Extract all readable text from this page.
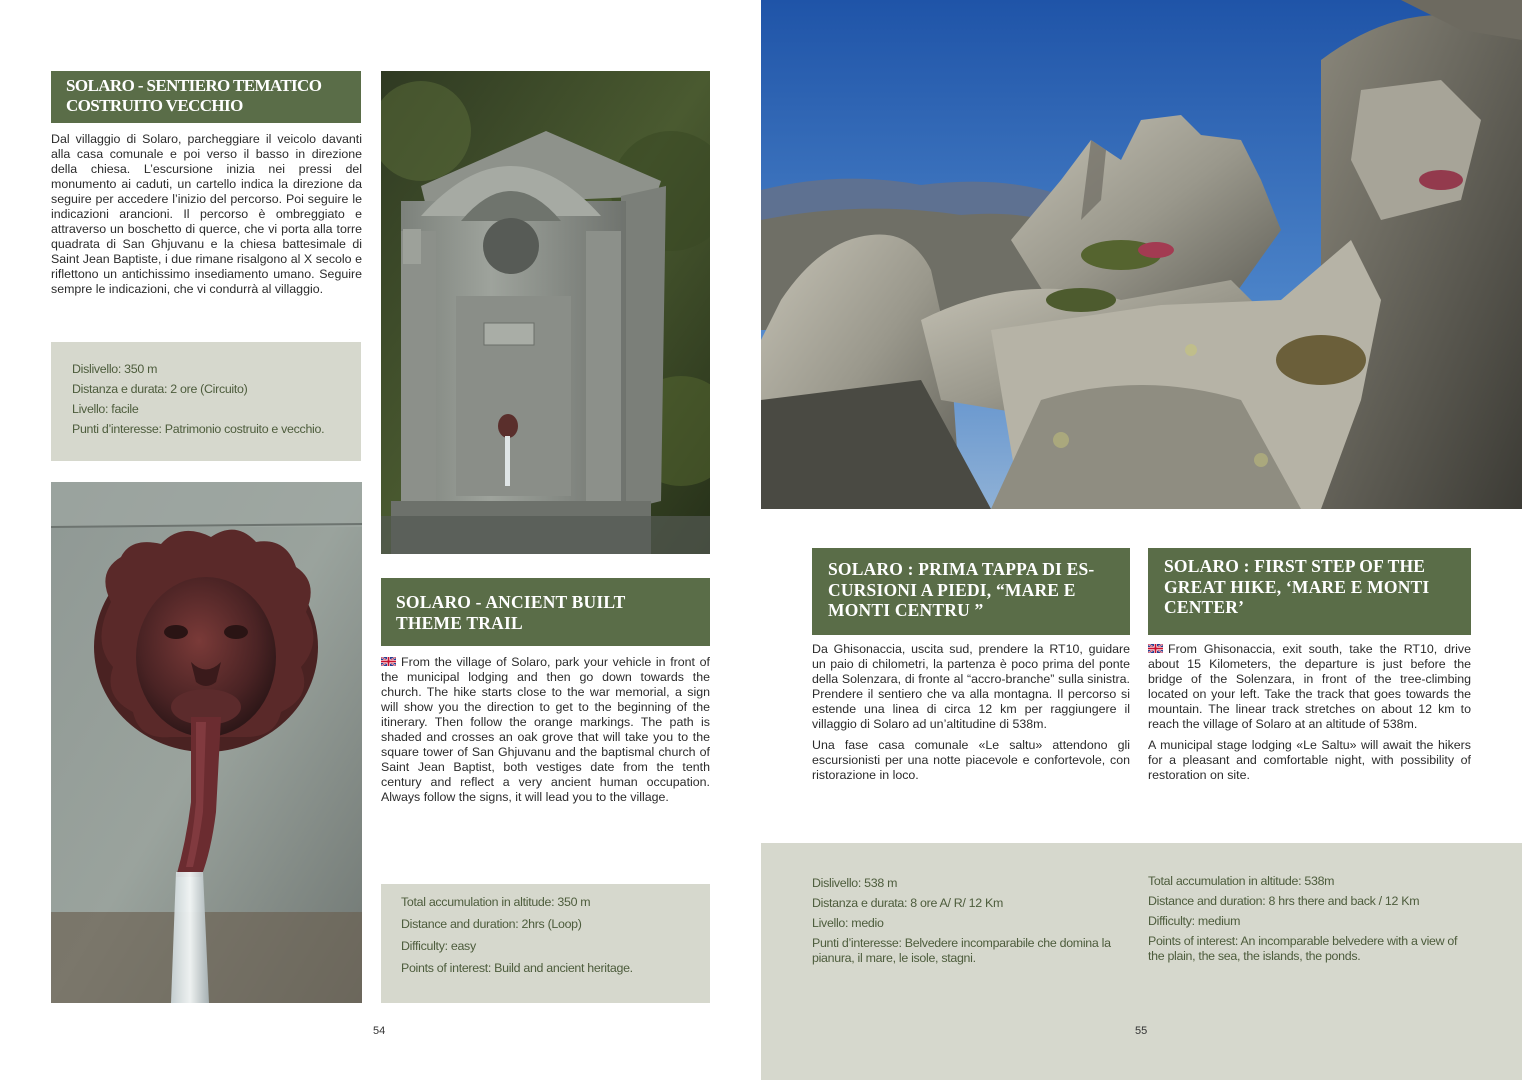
SOLARO - SENTIERO TEMATICO
COSTRUITO VECCHIO

Dal villaggio di Solaro, parcheggiare il veicolo davanti alla casa comunale e poi verso il basso in direzione della chiesa. L’escursione inizia nei pressi del monumento ai caduti, un cartello indica la direzione da seguire per accedere l’inizio del percorso. Poi seguire le indicazioni arancioni. Il percorso è ombreggiato e attraverso un boschetto di querce, che vi porta alla torre quadrata di San Ghjuvanu e la chiesa battesimale di Saint Jean Baptiste, i due rimane risalgono al X secolo e riflettono un antichissimo insediamento umano. Seguire sempre le indicazioni, che vi condurrà al villaggio.

Dislivello: 350 m
Distanza e durata: 2 ore (Circuito)
Livello: facile
Punti d’interesse: Patrimonio costruito e vecchio.
SOLARO - ANCIENT BUILT
THEME TRAIL

From the village of Solaro, park your vehicle in front of the municipal lodging and then go down towards the church. The hike starts close to the war memorial, a sign will show you the direction to get to the beginning of the itinerary. Then follow the orange markings. The path is shaded and crosses an oak grove that will take you to the square tower of San Ghjuvanu and the baptismal church of Saint Jean Baptist, both vestiges date from the tenth century and reflect a very ancient human occupation. Always follow the signs, it will lead you to the village.

Total accumulation in altitude: 350 m
Distance and duration: 2hrs (Loop)
Difficulty: easy
Points of interest: Build and ancient heritage.
54
SOLARO : PRIMA TAPPA DI ES-
CURSIONI A PIEDI, “MARE E
MONTI CENTRU ”
SOLARO : FIRST STEP OF THE
GREAT HIKE, ‘MARE E MONTI
CENTER’

Da Ghisonaccia, uscita sud, prendere la RT10, guidare un paio di chilometri, la partenza è poco prima del ponte della Solenzara, di fronte al “accro-branche” sulla sinistra. Prendere il sentiero che va alla montagna. Il percorso si estende una linea di circa 12 km per raggiungere il villaggio di Solaro ad un’altitudine di 538m.

Una fase casa comunale «Le saltu» attendono gli escursionisti per una notte piacevole e confortevole, con ristorazione in loco.

From Ghisonaccia, exit south, take the RT10, drive about 15 Kilometers, the departure is just before the bridge of the Solenzara, in front of the tree-climbing located on your left. Take the track that goes towards the mountain. The linear track stretches on about 12 km to reach the village of Solaro at an altitude of 538m.

A municipal stage lodging «Le Saltu» will await the hikers for a pleasant and comfortable night, with possibility of restoration on site.

Dislivello: 538 m
Distanza e durata: 8 ore A/ R/ 12 Km
Livello: medio
Punti d’interesse: Belvedere incomparabile che domina la pianura, il mare, le isole, stagni.
Total accumulation in altitude: 538m
Distance and duration: 8 hrs there and back / 12 Km
Difficulty: medium
Points of interest: An incomparable belvedere with a view of the plain, the sea, the islands, the ponds.
55
